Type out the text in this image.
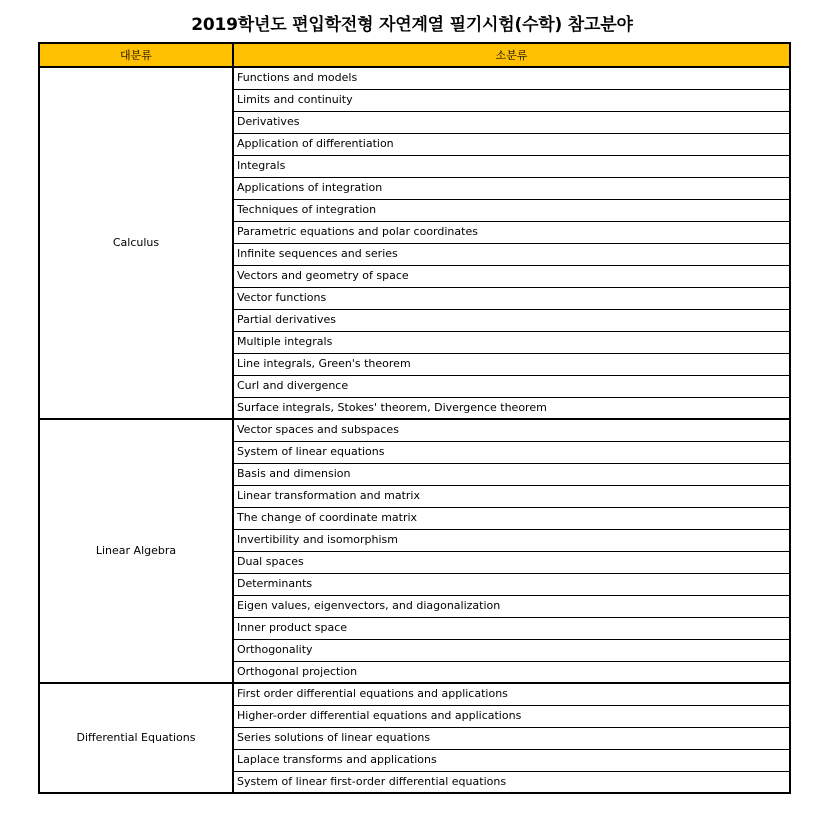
2019학년도 편입학전형 자연계열 필기시험(수학) 참고분야
대분류	소분류
Calculus	Functions and models
	Limits and continuity
	Derivatives
	Application of differentiation
	Integrals
	Applications of integration
	Techniques of integration
	Parametric equations and polar coordinates
	Infinite sequences and series
	Vectors and geometry of space
	Vector functions
	Partial derivatives
	Multiple integrals
	Line integrals, Green's theorem
	Curl and divergence
	Surface integrals, Stokes' theorem, Divergence theorem
Linear Algebra	Vector spaces and subspaces
	System of linear equations
	Basis and dimension
	Linear transformation and matrix
	The change of coordinate matrix
	Invertibility and isomorphism
	Dual spaces
	Determinants
	Eigen values, eigenvectors, and diagonalization
	Inner product space
	Orthogonality
	Orthogonal projection
Differential Equations	First order differential equations and applications
	Higher-order differential equations and applications
	Series solutions of linear equations
	Laplace transforms and applications
	System of linear first-order differential equations
